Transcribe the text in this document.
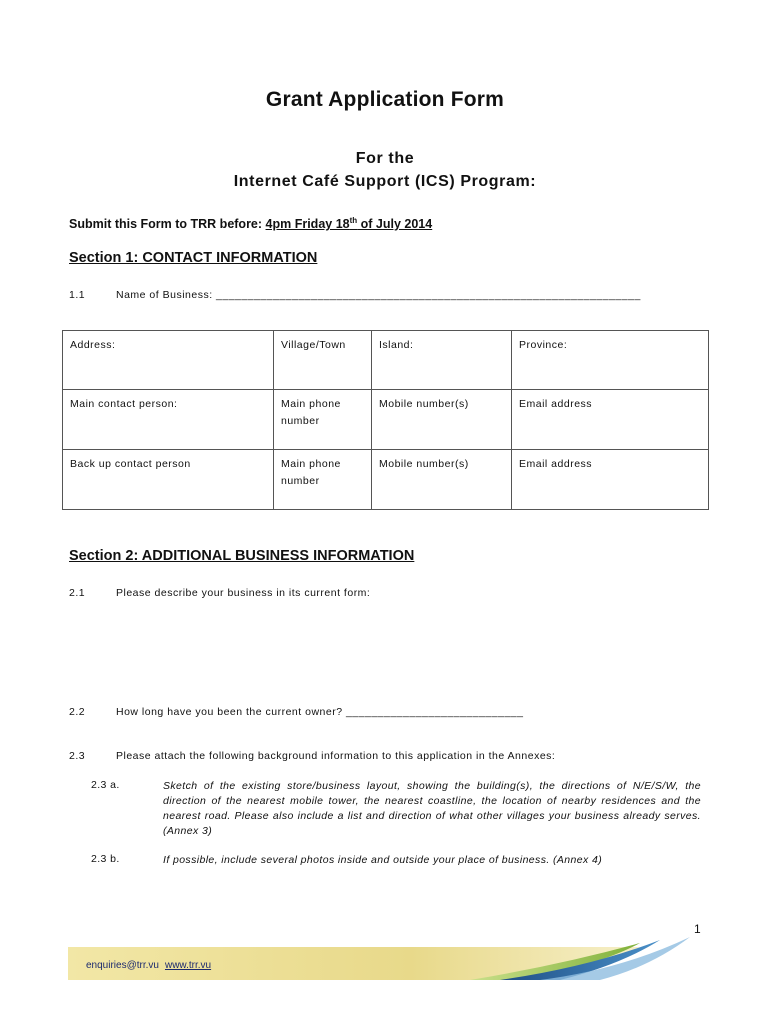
Grant Application Form
For the
Internet Café Support (ICS) Program:
Submit this Form to TRR before: 4pm Friday 18th of July 2014
Section 1: CONTACT INFORMATION
1.1	Name of Business: ___________________________________________________________________
Address:	Village/Town	Island:	Province:
Main contact person:	Main phone number	Mobile number(s)	Email address
Back up contact person	Main phone number	Mobile number(s)	Email address
Section 2: ADDITIONAL BUSINESS INFORMATION
2.1	Please describe your business in its current form:
2.2	How long have you been the current owner? ____________________________
2.3	Please attach the following background information to this application in the Annexes:
2.3 a.	Sketch of the existing store/business layout, showing the building(s), the directions of N/E/S/W, the direction of the nearest mobile tower, the nearest coastline, the location of nearby residences and the nearest road. Please also include a list and direction of what other villages your business already serves. (Annex 3)
2.3 b.	If possible, include several photos inside and outside your place of business. (Annex 4)
1
enquiries@trr.vu www.trr.vu
